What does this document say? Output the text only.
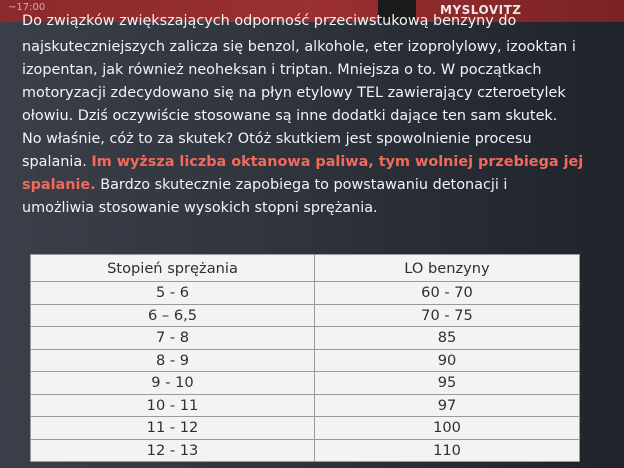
~17:00	MYSLOVITZ
Do związków zwiększających odporność przeciwstukową benzyny do

najskuteczniejszych zalicza się benzol, alkohole, eter izoprolylowy, izooktan i

izopentan, jak również neoheksan i triptan. Mniejsza o to. W początkach

motoryzacji zdecydowano się na płyn etylowy TEL zawierający czteroetylek

ołowiu. Dziś oczywiście stosowane są inne dodatki dające ten sam skutek.

No właśnie, cóż to za skutek? Otóż skutkiem jest spowolnienie procesu

spalania. Im wyższa liczba oktanowa paliwa, tym wolniej przebiega jej

spalanie. Bardzo skutecznie zapobiega to powstawaniu detonacji i

umożliwia stosowanie wysokich stopni sprężania.

Stopień sprężania	LO benzyny
5 - 6	60 - 70
6 – 6,5	70 - 75
7 - 8	85
8 - 9	90
9 - 10	95
10 - 11	97
11 - 12	100
12 - 13	110
